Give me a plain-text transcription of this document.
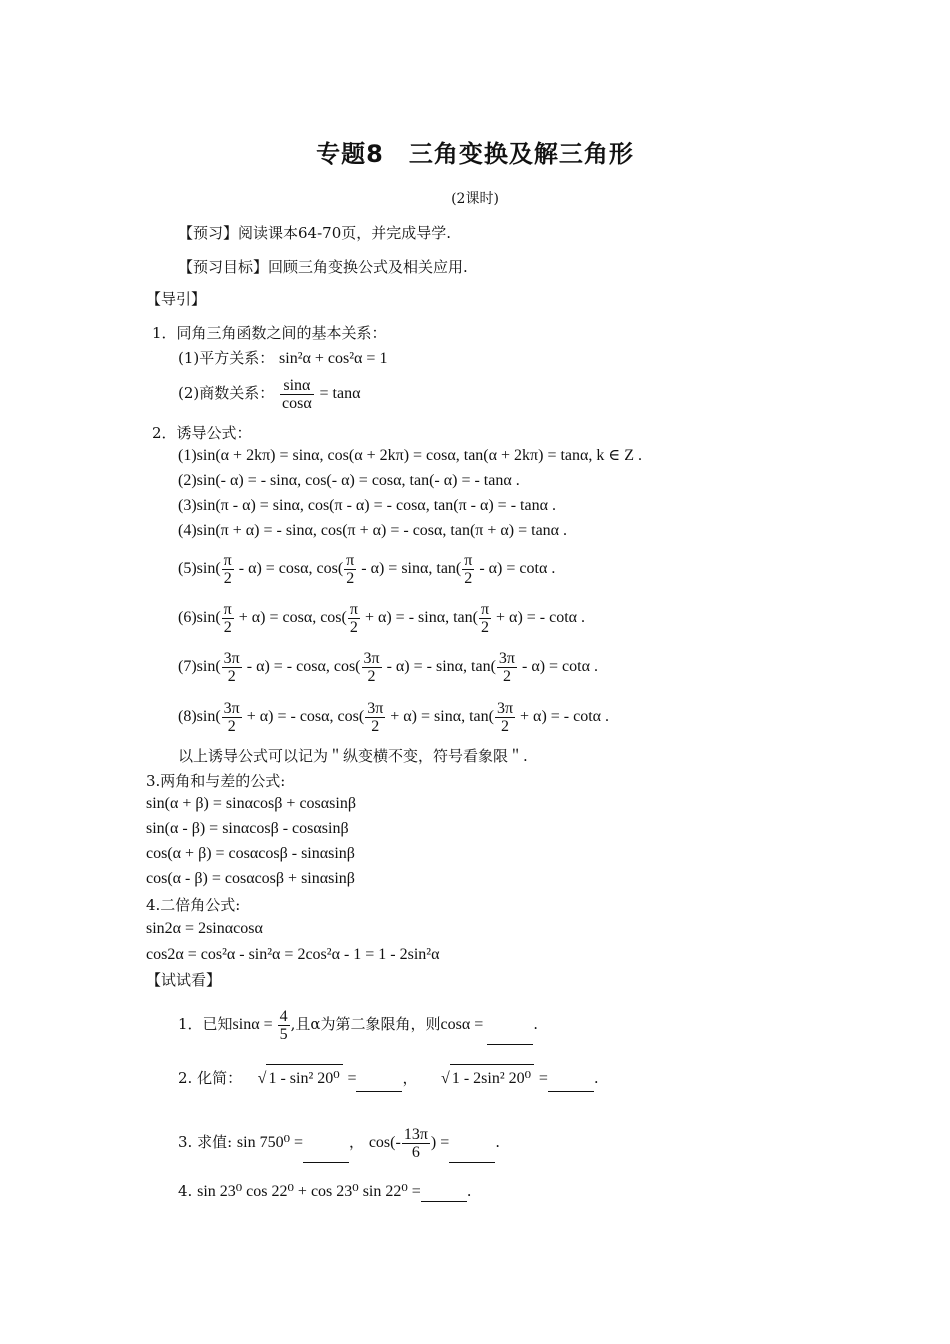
专题8　三角变换及解三角形
(2课时)
【预习】阅读课本64-70页，并完成导学.
【预习目标】回顾三角变换公式及相关应用.
【导引】
1．同角三角函数之间的基本关系：
(1)平方关系： sin²α + cos²α = 1
(2)商数关系： $\frac{\sin\alpha}{\cos\alpha} = \tan\alpha$
2．诱导公式：
(1)sin(α + 2kπ) = sinα, cos(α + 2kπ) = cosα, tan(α + 2kπ) = tanα, k ∈ Z .
(2)sin(- α) = - sinα, cos(- α) = cosα, tan(- α) = - tanα .
(3)sin(π - α) = sinα, cos(π - α) = - cosα, tan(π - α) = - tanα .
(4)sin(π + α) = - sinα, cos(π + α) = - cosα, tan(π + α) = tanα .
$(5)\sin( \frac{\pi}{2} - \alpha) = \cos\alpha$, $\cos( \frac{\pi}{2} - \alpha) = \sin\alpha$, $\tan( \frac{\pi}{2} - \alpha) = \cot\alpha$ .
$(6)\sin( \frac{\pi}{2} + \alpha) = \cos\alpha$, $\cos( \frac{\pi}{2} + \alpha)$ = - sinα, $\tan( \frac{\pi}{2} + \alpha)$ = - cotα .
$(7)\sin( \frac{3\pi}{2} - \alpha)$ = - cosα, $\cos( \frac{3\pi}{2} - \alpha)$ = - sinα, $\tan( \frac{3\pi}{2} - \alpha) = \cot\alpha$ .
$(8)\sin( \frac{3\pi}{2} + \alpha)$ = - cosα, $\cos( \frac{3\pi}{2} + \alpha) = \sin\alpha$, $\tan( \frac{3\pi}{2} + \alpha)$ = - cotα .
以上诱导公式可以记为＂纵变横不变，符号看象限＂.
3.两角和与差的公式:
sin(α + β) = sinαcosβ + cosαsinβ
sin(α - β) = sinαcosβ - cosαsinβ
cos(α + β) = cosαcosβ - sinαsinβ
cos(α - β) = cosαcosβ + sinαsinβ
4.二倍角公式:
sin2α = 2sinαcosα
cos2α = cos²α - sin²α = 2cos²α - 1 = 1 - 2sin²α
【试试看】
1．已知$\sin\alpha = \frac{4}{5}$ ,且α为第二象限角，则cosα =	.
2. 化简： √ 1 - sin² 20⁰ =	， √ 1 - 2sin² 20⁰ =	.
3. 求值: sin 750⁰ =	， $\cos(- \frac{13\pi}{6}$ ) =	.
4. sin 23⁰ cos 22⁰ + cos 23⁰ sin 22⁰ =	.
